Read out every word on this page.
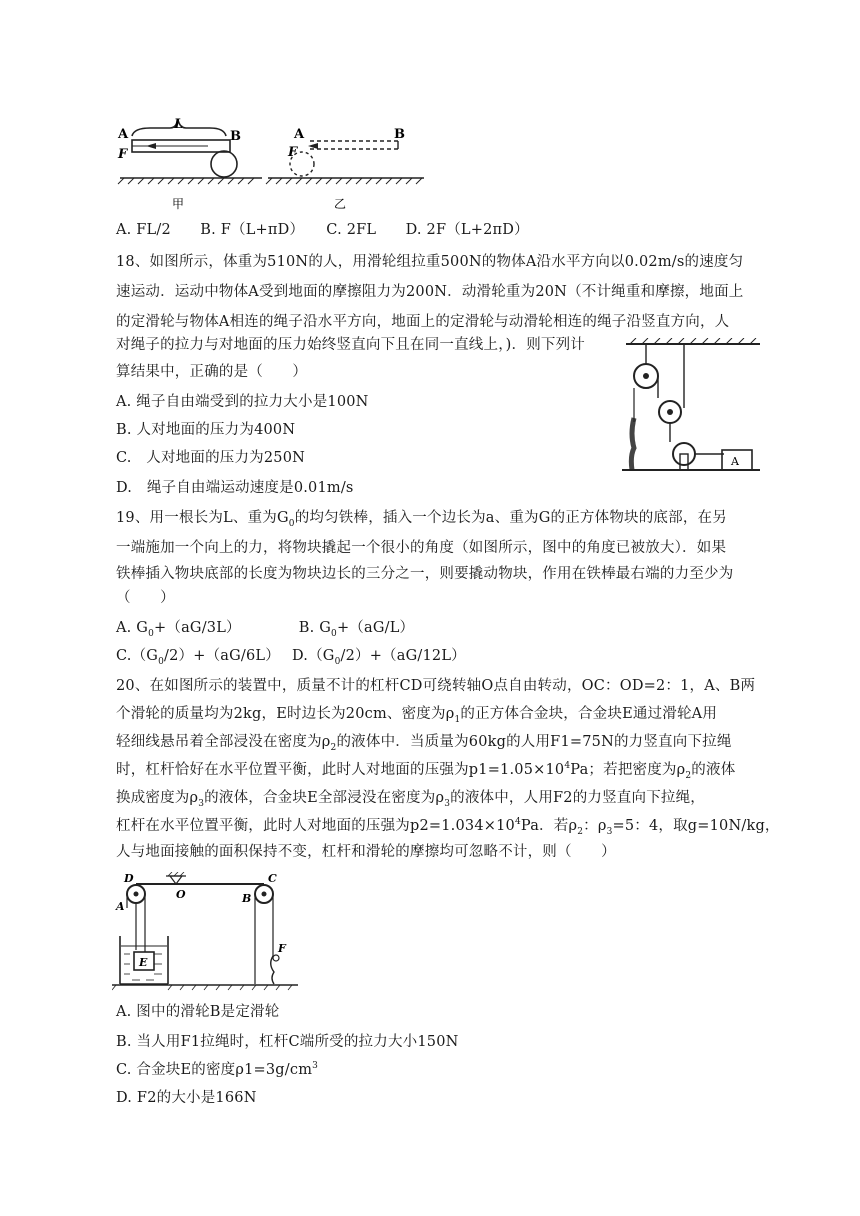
A
L
B
F
甲
A	B
F
乙
A. FL/2　　B. F（L+πD）　　C. 2FL　　D. 2F（L+2πD）
18、如图所示，体重为510N的人，用滑轮组拉重500N的物体A沿水平方向以0.02m/s的速度匀
速运动．运动中物体A受到地面的摩擦阻力为200N．动滑轮重为20N（不计绳重和摩擦，地面上
的定滑轮与物体A相连的绳子沿水平方向，地面上的定滑轮与动滑轮相连的绳子沿竖直方向，人
对绳子的拉力与对地面的压力始终竖直向下且在同一直线上，)．则下列计
算结果中，正确的是（　　）
A. 绳子自由端受到的拉力大小是100N
B. 人对地面的压力为400N
C.　人对地面的压力为250N
D.　绳子自由端运动速度是0.01m/s
A
19、用一根长为L、重为$G_0$的均匀铁棒，插入一个边长为a、重为G的正方体物块的底部，在另
一端施加一个向上的力，将物块撬起一个很小的角度（如图所示，图中的角度已被放大）．如果
铁棒插入物块底部的长度为物块边长的三分之一，则要撬动物块，作用在铁棒最右端的力至少为
（　　）
A. $G_0+(aG/3L)$	B. $G_0+(aG/L)$
$C.(G_0/2)+(aG/6L)$ $D.(G_0/2)+(aG/12L)$
20、在如图所示的装置中，质量不计的杠杆CD可绕转轴O点自由转动，OC：OD=2：1，A、B两
个滑轮的质量均为2kg，E时边长为20cm、密度为$\rho_1$的正方体合金块，合金块E通过滑轮A用
轻细线悬吊着全部浸没在密度为$\rho_2$的液体中．当质量为60kg的人用F1=75N的力竖直向下拉绳
时，杠杆恰好在水平位置平衡，此时人对地面的压强为$p1=1.05\times 10^4Pa$；若把密度为$\rho_2$的液体
换成密度为$\rho_3$的液体，合金块E全部浸没在密度为$\rho_3$的液体中，人用F2的力竖直向下拉绳，
杠杆在水平位置平衡，此时人对地面的压强为$p2=1.034\times 10^4Pa$．若$\rho_2$：$\rho_3=5$：4，取g=10N/kg，
人与地面接触的面积保持不变，杠杆和滑轮的摩擦均可忽略不计，则（　　）
E
D
O
C
A
B
F
A. 图中的滑轮B是定滑轮
B. 当人用F1拉绳时，杠杆C端所受的拉力大小150N
C. 合金块E的密度$\rho 1=3g/cm^3$
D. F2的大小是166N
